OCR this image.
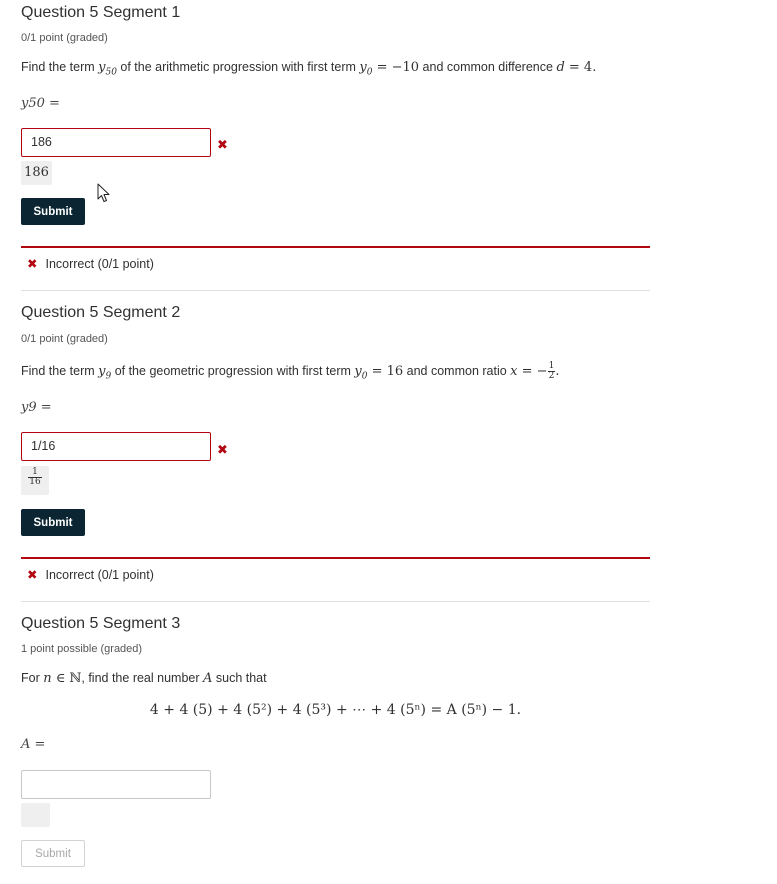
Question 5 Segment 1
0/1 point (graded)
Find the term $y_{50}$ of the arithmetic progression with first term $y_0 = -10$ and common difference d = 4.
y50 =
186	✖
186
Submit
✖ Incorrect (0/1 point)
Question 5 Segment 2
0/1 point (graded)
Find the term $y_9$ of the geometric progression with first term $y_0 = 16$ and common ratio x = − $\frac{1}{2}$ .
y9 =
1/16	✖
$\frac{1}{16}$
Submit
✖ Incorrect (0/1 point)
Question 5 Segment 3
1 point possible (graded)
For n ∈ ℕ, find the real number A such that
4 + 4 (5) + 4 (5²) + 4 (5³) + ⋯ + 4 (5ⁿ) = A (5ⁿ) − 1.
A =
Submit
